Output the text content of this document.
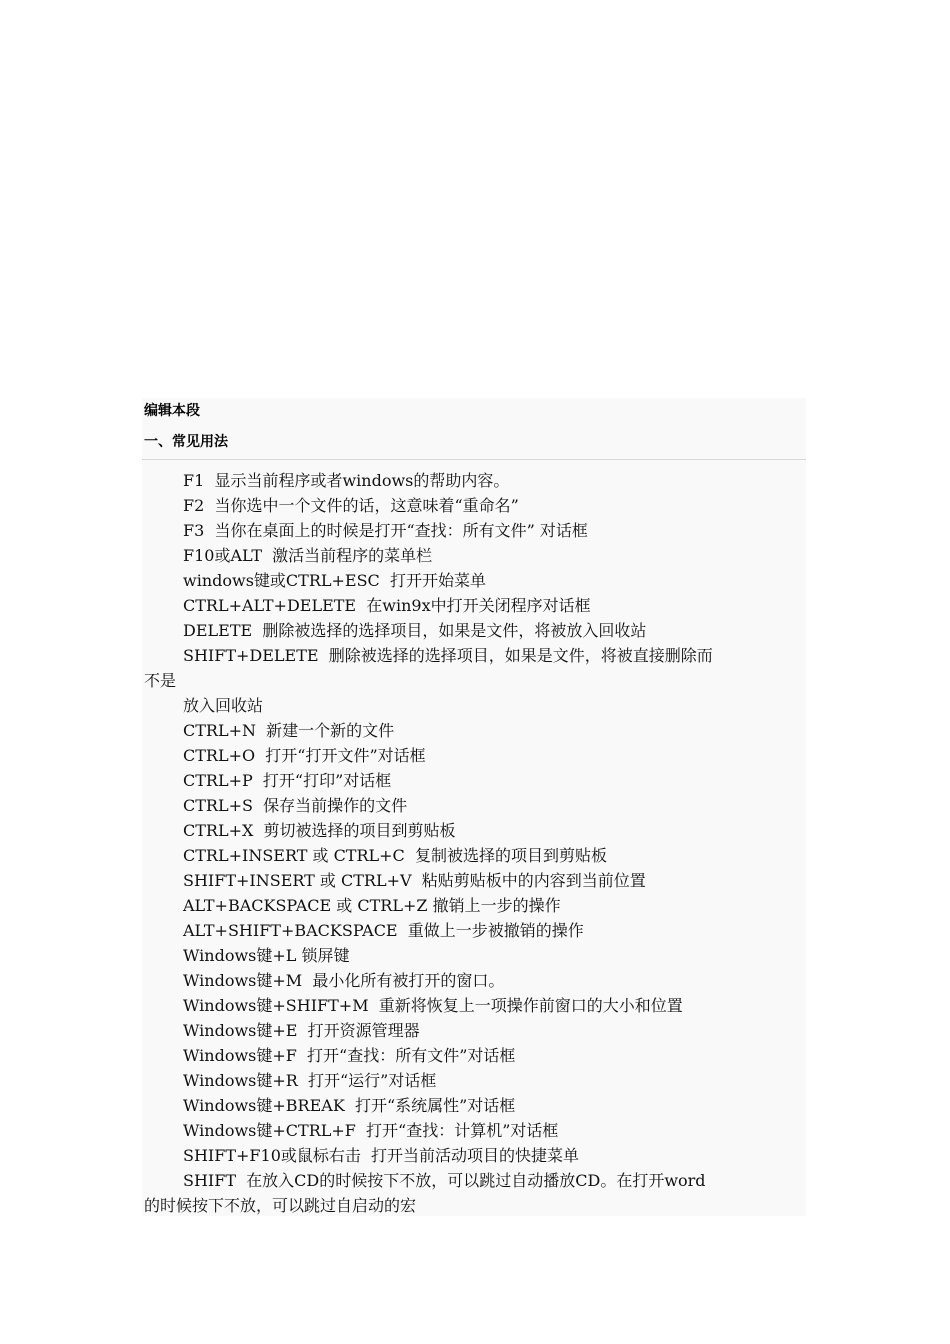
编辑本段
一、常见用法
F1  显示当前程序或者windows的帮助内容。
F2  当你选中一个文件的话，这意味着“重命名”
F3  当你在桌面上的时候是打开“查找：所有文件” 对话框
F10或ALT  激活当前程序的菜单栏
windows键或CTRL+ESC  打开开始菜单
CTRL+ALT+DELETE  在win9x中打开关闭程序对话框
DELETE  删除被选择的选择项目，如果是文件，将被放入回收站
SHIFT+DELETE  删除被选择的选择项目，如果是文件，将被直接删除而
不是
放入回收站
CTRL+N  新建一个新的文件
CTRL+O  打开“打开文件”对话框
CTRL+P  打开“打印”对话框
CTRL+S  保存当前操作的文件
CTRL+X  剪切被选择的项目到剪贴板
CTRL+INSERT 或 CTRL+C  复制被选择的项目到剪贴板
SHIFT+INSERT 或 CTRL+V  粘贴剪贴板中的内容到当前位置
ALT+BACKSPACE 或 CTRL+Z 撤销上一步的操作
ALT+SHIFT+BACKSPACE  重做上一步被撤销的操作
Windows键+L 锁屏键
Windows键+M  最小化所有被打开的窗口。
Windows键+SHIFT+M  重新将恢复上一项操作前窗口的大小和位置
Windows键+E  打开资源管理器
Windows键+F  打开“查找：所有文件”对话框
Windows键+R  打开“运行”对话框
Windows键+BREAK  打开“系统属性”对话框
Windows键+CTRL+F  打开“查找：计算机”对话框
SHIFT+F10或鼠标右击  打开当前活动项目的快捷菜单
SHIFT  在放入CD的时候按下不放，可以跳过自动播放CD。在打开word
的时候按下不放，可以跳过自启动的宏
